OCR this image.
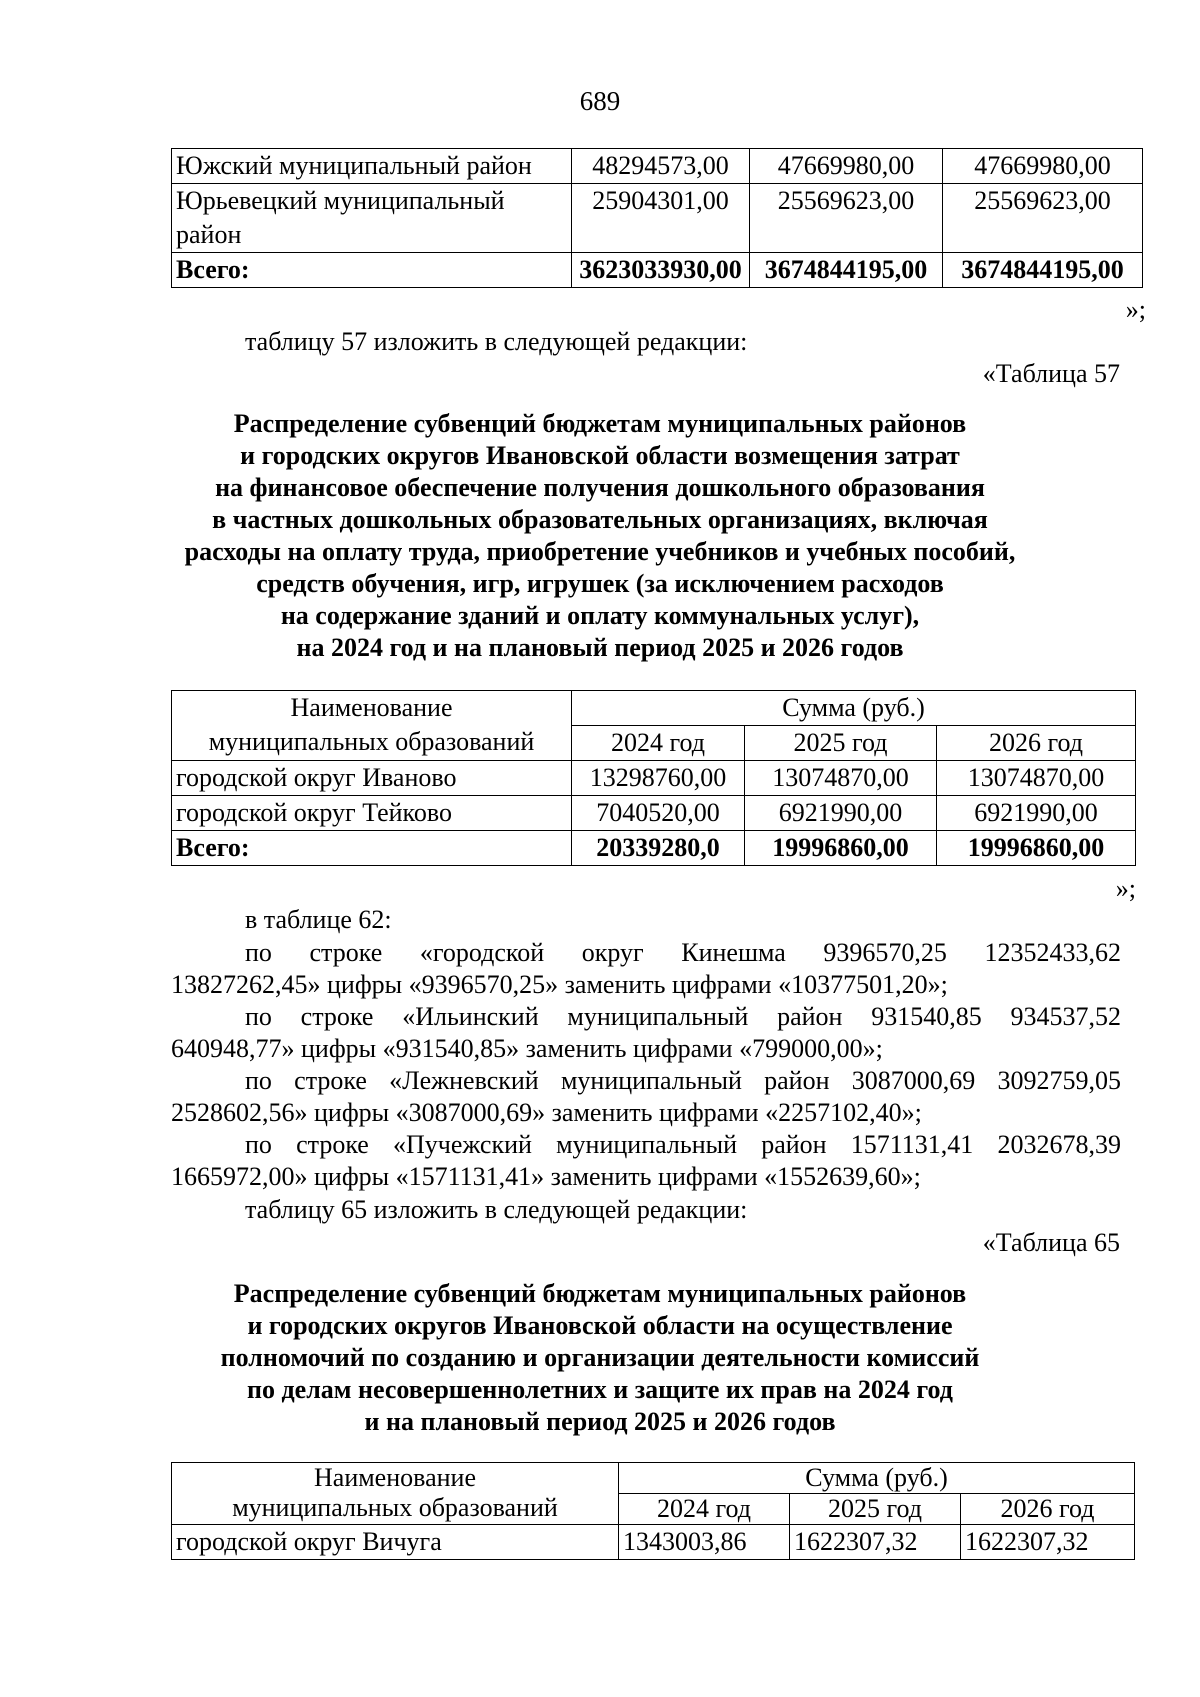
689
Южский муниципальный район	48294573,00	47669980,00	47669980,00

Юрьевецкий муниципальный
район	25904301,00	25569623,00	25569623,00
Всего:	3623033930,00	3674844195,00	3674844195,00
»;
таблицу 57 изложить в следующей редакции:
«Таблица 57
Распределение субвенций бюджетам муниципальных районов
и городских округов Ивановской области возмещения затрат
на финансовое обеспечение получения дошкольного образования
в частных дошкольных образовательных организациях, включая
расходы на оплату труда, приобретение учебников и учебных пособий,
средств обучения, игр, игрушек (за исключением расходов
на содержание зданий и оплату коммунальных услуг),
на 2024 год и на плановый период 2025 и 2026 годов
Наименование
муниципальных образований	Сумма (руб.)		
	2024 год	2025 год	2026 год
городской округ Иваново	13298760,00	13074870,00	13074870,00
городской округ Тейково	7040520,00	6921990,00	6921990,00
Всего:	20339280,0	19996860,00	19996860,00
»;
в таблице 62:
по строке «городской округ Кинешма 9396570,25 12352433,62
13827262,45» цифры «9396570,25» заменить цифрами «10377501,20»;
по строке «Ильинский муниципальный район 931540,85 934537,52
640948,77» цифры «931540,85» заменить цифрами «799000,00»;
по строке «Лежневский муниципальный район 3087000,69 3092759,05
2528602,56» цифры «3087000,69» заменить цифрами «2257102,40»;
по строке «Пучежский муниципальный район 1571131,41 2032678,39
1665972,00» цифры «1571131,41» заменить цифрами «1552639,60»;
таблицу 65 изложить в следующей редакции:
«Таблица 65
Распределение субвенций бюджетам муниципальных районов
и городских округов Ивановской области на осуществление
полномочий по созданию и организации деятельности комиссий
по делам несовершеннолетних и защите их прав на 2024 год
и на плановый период 2025 и 2026 годов
Наименование
муниципальных образований	Сумма (руб.)		
	2024 год	2025 год	2026 год
городской округ Вичуга	1343003,86	1622307,32	1622307,32
